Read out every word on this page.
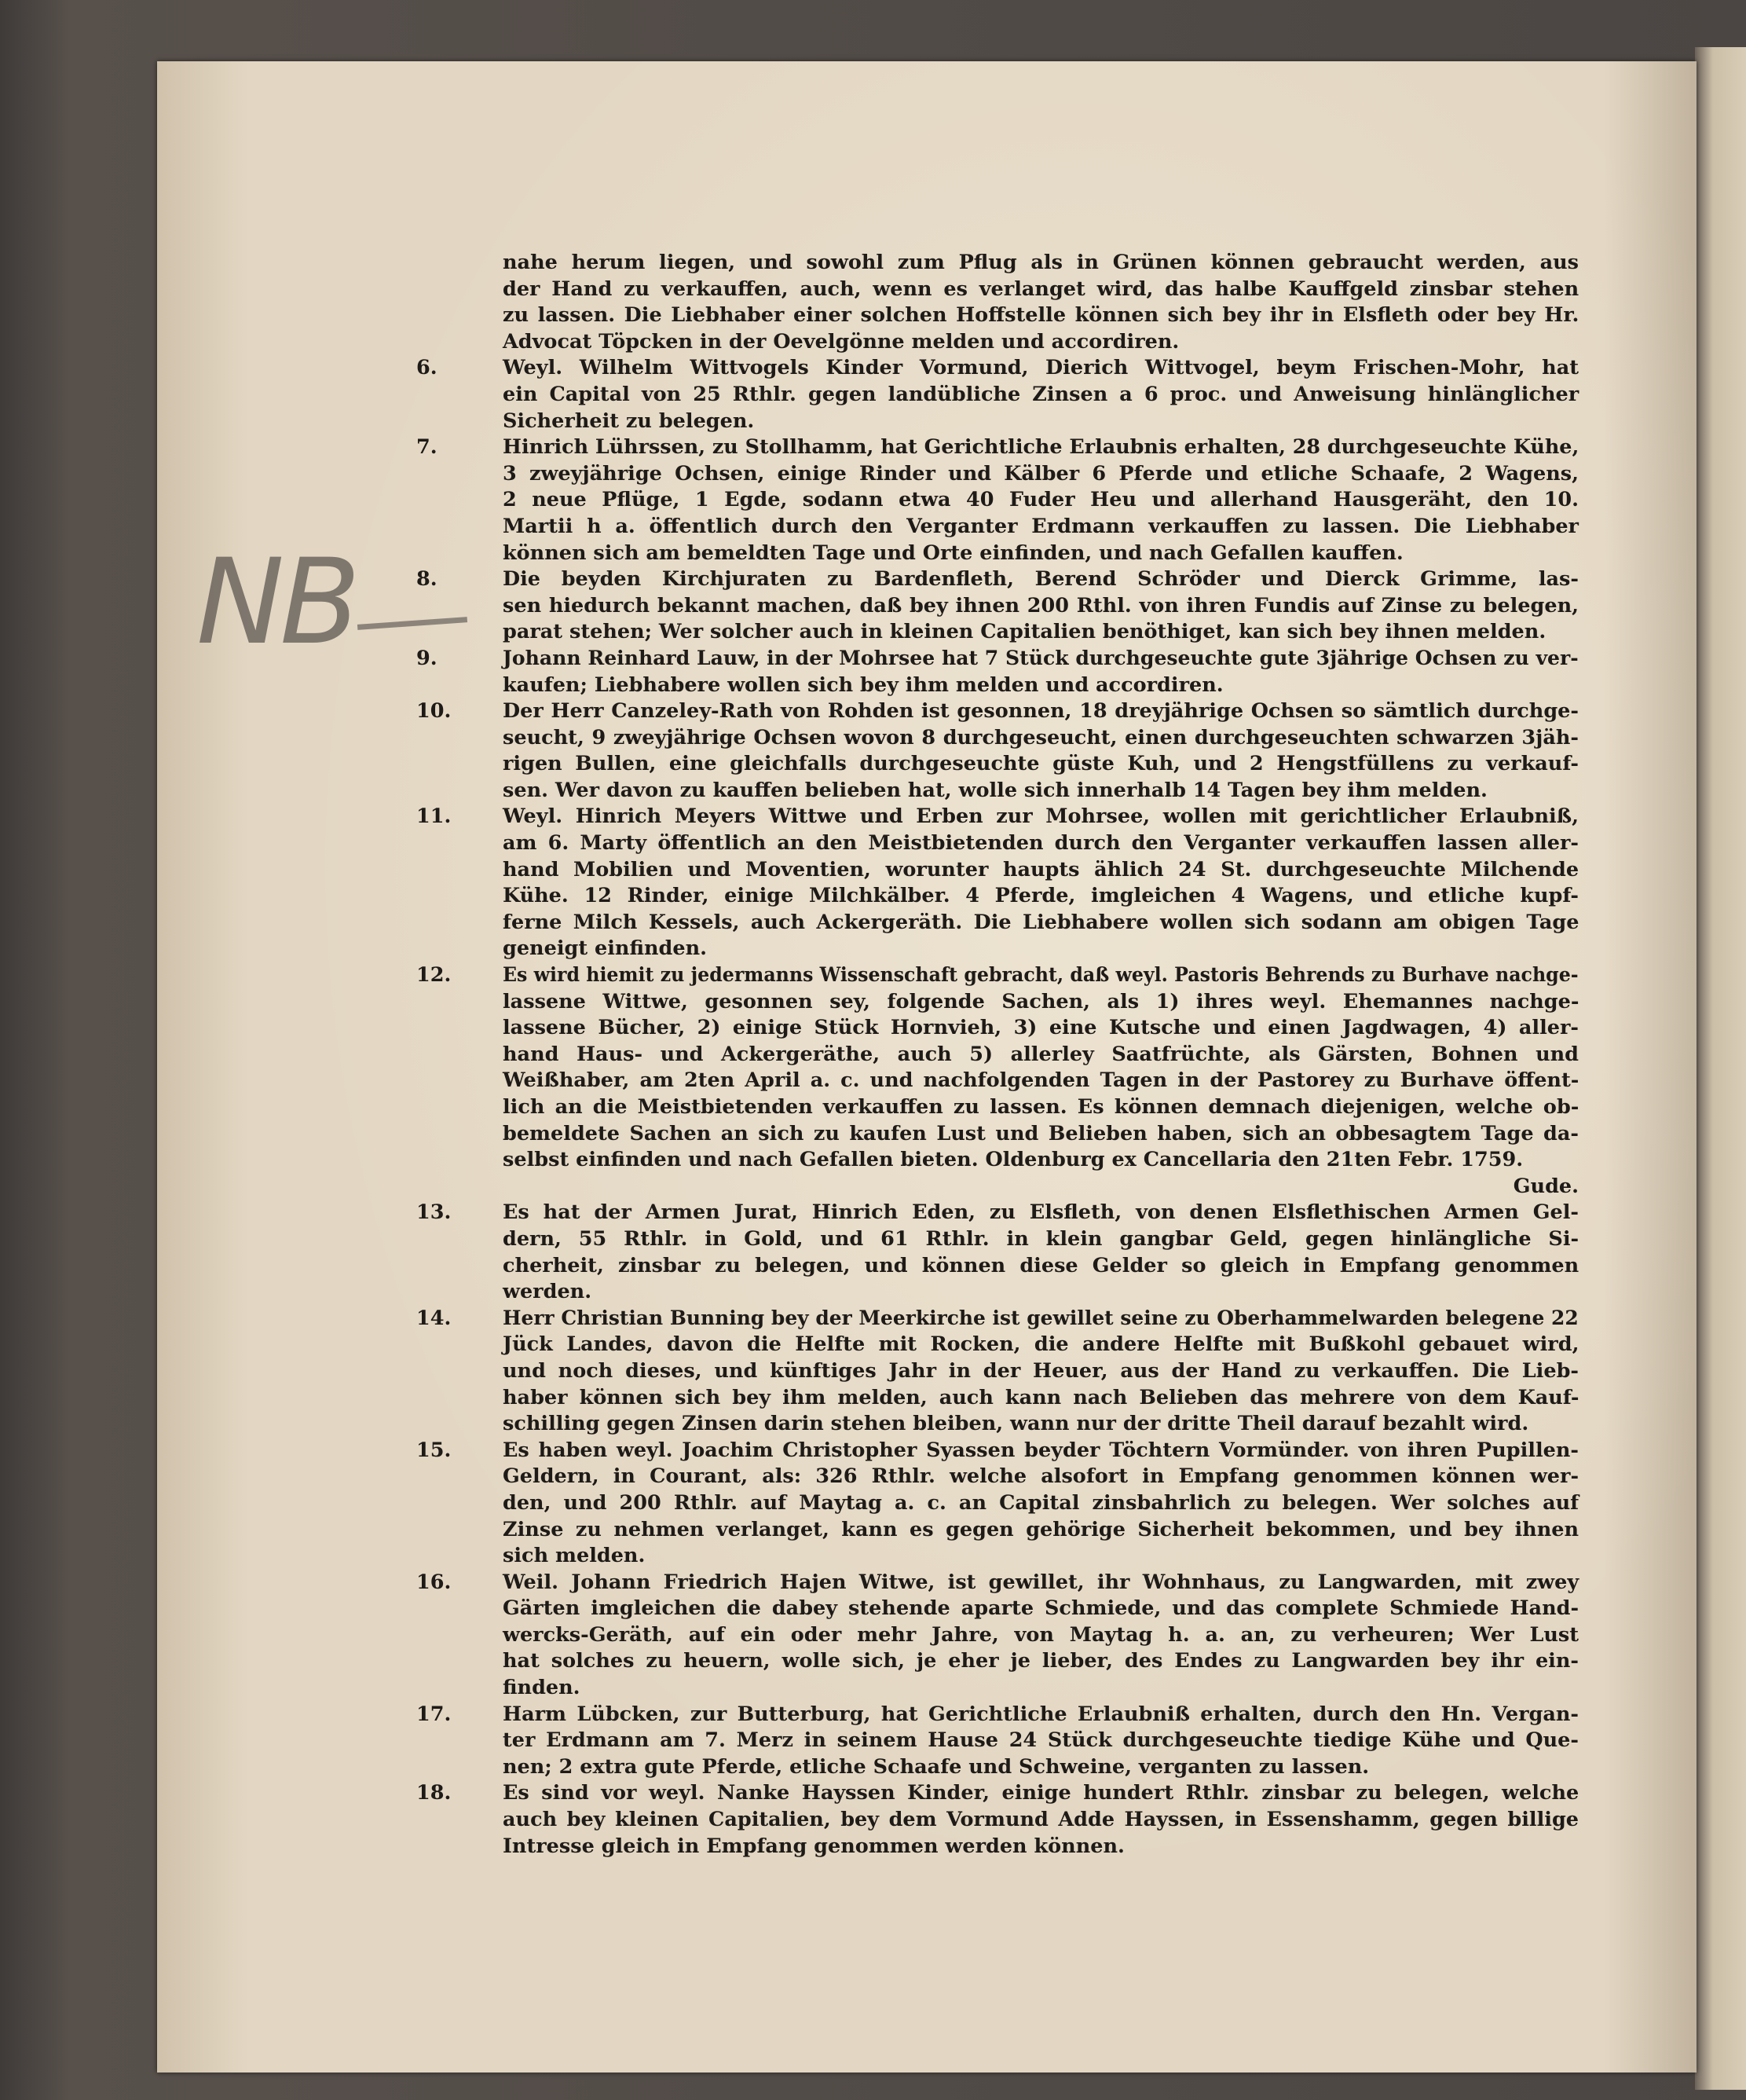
NB
nahe herum liegen, und sowohl zum Pflug als in Grünen können gebraucht werden, aus
der Hand zu verkauffen, auch, wenn es verlanget wird, das halbe Kauffgeld zinsbar stehen
zu lassen. Die Liebhaber einer solchen Hoffstelle können sich bey ihr in Elsfleth oder bey Hr.
Advocat Töpcken in der Oevelgönne melden und accordiren.
6.	Weyl. Wilhelm Wittvogels Kinder Vormund, Dierich Wittvogel, beym Frischen-Mohr, hat
ein Capital von 25 Rthlr. gegen landübliche Zinsen a 6 proc. und Anweisung hinlänglicher
Sicherheit zu belegen.
7.	Hinrich Lührssen, zu Stollhamm, hat Gerichtliche Erlaubnis erhalten, 28 durchgeseuchte Kühe,
3 zweyjährige Ochsen, einige Rinder und Kälber 6 Pferde und etliche Schaafe, 2 Wagens,
2 neue Pflüge, 1 Egde, sodann etwa 40 Fuder Heu und allerhand Hausgeräht, den 10.
Martii h a. öffentlich durch den Verganter Erdmann verkauffen zu lassen. Die Liebhaber
können sich am bemeldten Tage und Orte einfinden, und nach Gefallen kauffen.
8.	Die beyden Kirchjuraten zu Bardenfleth, Berend Schröder und Dierck Grimme, las-
sen hiedurch bekannt machen, daß bey ihnen 200 Rthl. von ihren Fundis auf Zinse zu belegen,
parat stehen; Wer solcher auch in kleinen Capitalien benöthiget, kan sich bey ihnen melden.
9.	Johann Reinhard Lauw, in der Mohrsee hat 7 Stück durchgeseuchte gute 3jährige Ochsen zu ver-
kaufen; Liebhabere wollen sich bey ihm melden und accordiren.
10.	Der Herr Canzeley-Rath von Rohden ist gesonnen, 18 dreyjährige Ochsen so sämtlich durchge-
seucht, 9 zweyjährige Ochsen wovon 8 durchgeseucht, einen durchgeseuchten schwarzen 3jäh-
rigen Bullen, eine gleichfalls durchgeseuchte güste Kuh, und 2 Hengstfüllens zu verkauf-
sen. Wer davon zu kauffen belieben hat, wolle sich innerhalb 14 Tagen bey ihm melden.
11.	Weyl. Hinrich Meyers Wittwe und Erben zur Mohrsee, wollen mit gerichtlicher Erlaubniß,
am 6. Marty öffentlich an den Meistbietenden durch den Verganter verkauffen lassen aller-
hand Mobilien und Moventien, worunter haupts ählich 24 St. durchgeseuchte Milchende
Kühe. 12 Rinder, einige Milchkälber. 4 Pferde, imgleichen 4 Wagens, und etliche kupf-
ferne Milch Kessels, auch Ackergeräth. Die Liebhabere wollen sich sodann am obigen Tage
geneigt einfinden.
12.	Es wird hiemit zu jedermanns Wissenschaft gebracht, daß weyl. Pastoris Behrends zu Burhave nachge-
lassene Wittwe, gesonnen sey, folgende Sachen, als 1) ihres weyl. Ehemannes nachge-
lassene Bücher, 2) einige Stück Hornvieh, 3) eine Kutsche und einen Jagdwagen, 4) aller-
hand Haus- und Ackergeräthe, auch 5) allerley Saatfrüchte, als Gärsten, Bohnen und
Weißhaber, am 2ten April a. c. und nachfolgenden Tagen in der Pastorey zu Burhave öffent-
lich an die Meistbietenden verkauffen zu lassen. Es können demnach diejenigen, welche ob-
bemeldete Sachen an sich zu kaufen Lust und Belieben haben, sich an obbesagtem Tage da-
selbst einfinden und nach Gefallen bieten. Oldenburg ex Cancellaria den 21ten Febr. 1759.
Gude.
13.	Es hat der Armen Jurat, Hinrich Eden, zu Elsfleth, von denen Elsflethischen Armen Gel-
dern, 55 Rthlr. in Gold, und 61 Rthlr. in klein gangbar Geld, gegen hinlängliche Si-
cherheit, zinsbar zu belegen, und können diese Gelder so gleich in Empfang genommen
werden.
14.	Herr Christian Bunning bey der Meerkirche ist gewillet seine zu Oberhammelwarden belegene 22
Jück Landes, davon die Helfte mit Rocken, die andere Helfte mit Bußkohl gebauet wird,
und noch dieses, und künftiges Jahr in der Heuer, aus der Hand zu verkauffen. Die Lieb-
haber können sich bey ihm melden, auch kann nach Belieben das mehrere von dem Kauf-
schilling gegen Zinsen darin stehen bleiben, wann nur der dritte Theil darauf bezahlt wird.
15.	Es haben weyl. Joachim Christopher Syassen beyder Töchtern Vormünder. von ihren Pupillen-
Geldern, in Courant, als: 326 Rthlr. welche alsofort in Empfang genommen können wer-
den, und 200 Rthlr. auf Maytag a. c. an Capital zinsbahrlich zu belegen. Wer solches auf
Zinse zu nehmen verlanget, kann es gegen gehörige Sicherheit bekommen, und bey ihnen
sich melden.
16.	Weil. Johann Friedrich Hajen Witwe, ist gewillet, ihr Wohnhaus, zu Langwarden, mit zwey
Gärten imgleichen die dabey stehende aparte Schmiede, und das complete Schmiede Hand-
wercks-Geräth, auf ein oder mehr Jahre, von Maytag h. a. an, zu verheuren; Wer Lust
hat solches zu heuern, wolle sich, je eher je lieber, des Endes zu Langwarden bey ihr ein-
finden.
17.	Harm Lübcken, zur Butterburg, hat Gerichtliche Erlaubniß erhalten, durch den Hn. Vergan-
ter Erdmann am 7. Merz in seinem Hause 24 Stück durchgeseuchte tiedige Kühe und Que-
nen; 2 extra gute Pferde, etliche Schaafe und Schweine, verganten zu lassen.
18.	Es sind vor weyl. Nanke Hayssen Kinder, einige hundert Rthlr. zinsbar zu belegen, welche
auch bey kleinen Capitalien, bey dem Vormund Adde Hayssen, in Essenshamm, gegen billige
Intresse gleich in Empfang genommen werden können.
